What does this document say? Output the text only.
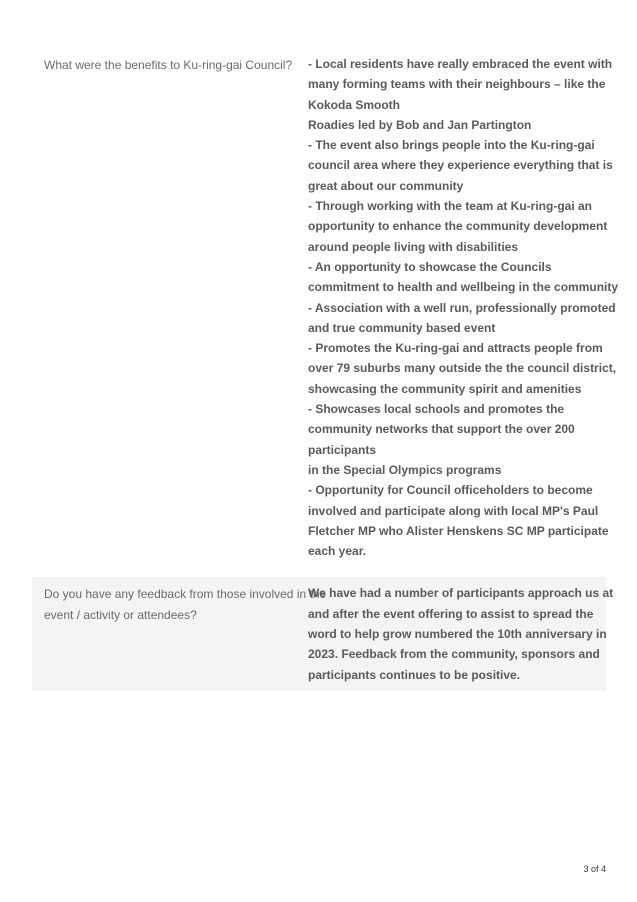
What were the benefits to Ku-ring-gai Council?	- Local residents have really embraced the event with
many forming teams with their neighbours – like the
Kokoda Smooth
Roadies led by Bob and Jan Partington
- The event also brings people into the Ku-ring-gai
council area where they experience everything that is
great about our community
- Through working with the team at Ku-ring-gai an
opportunity to enhance the community development
around people living with disabilities
- An opportunity to showcase the Councils
commitment to health and wellbeing in the community
- Association with a well run, professionally promoted
and true community based event
- Promotes the Ku-ring-gai and attracts people from
over 79 suburbs many outside the the council district,
showcasing the community spirit and amenities
- Showcases local schools and promotes the
community networks that support the over 200
participants
in the Special Olympics programs
- Opportunity for Council officeholders to become
involved and participate along with local MP's Paul
Fletcher MP who Alister Henskens SC MP participate
each year.
Do you have any feedback from those involved in the
event / activity or attendees?
We have had a number of participants approach us at
and after the event offering to assist to spread the
word to help grow numbered the 10th anniversary in
2023. Feedback from the community, sponsors and
participants continues to be positive.
3 of 4
